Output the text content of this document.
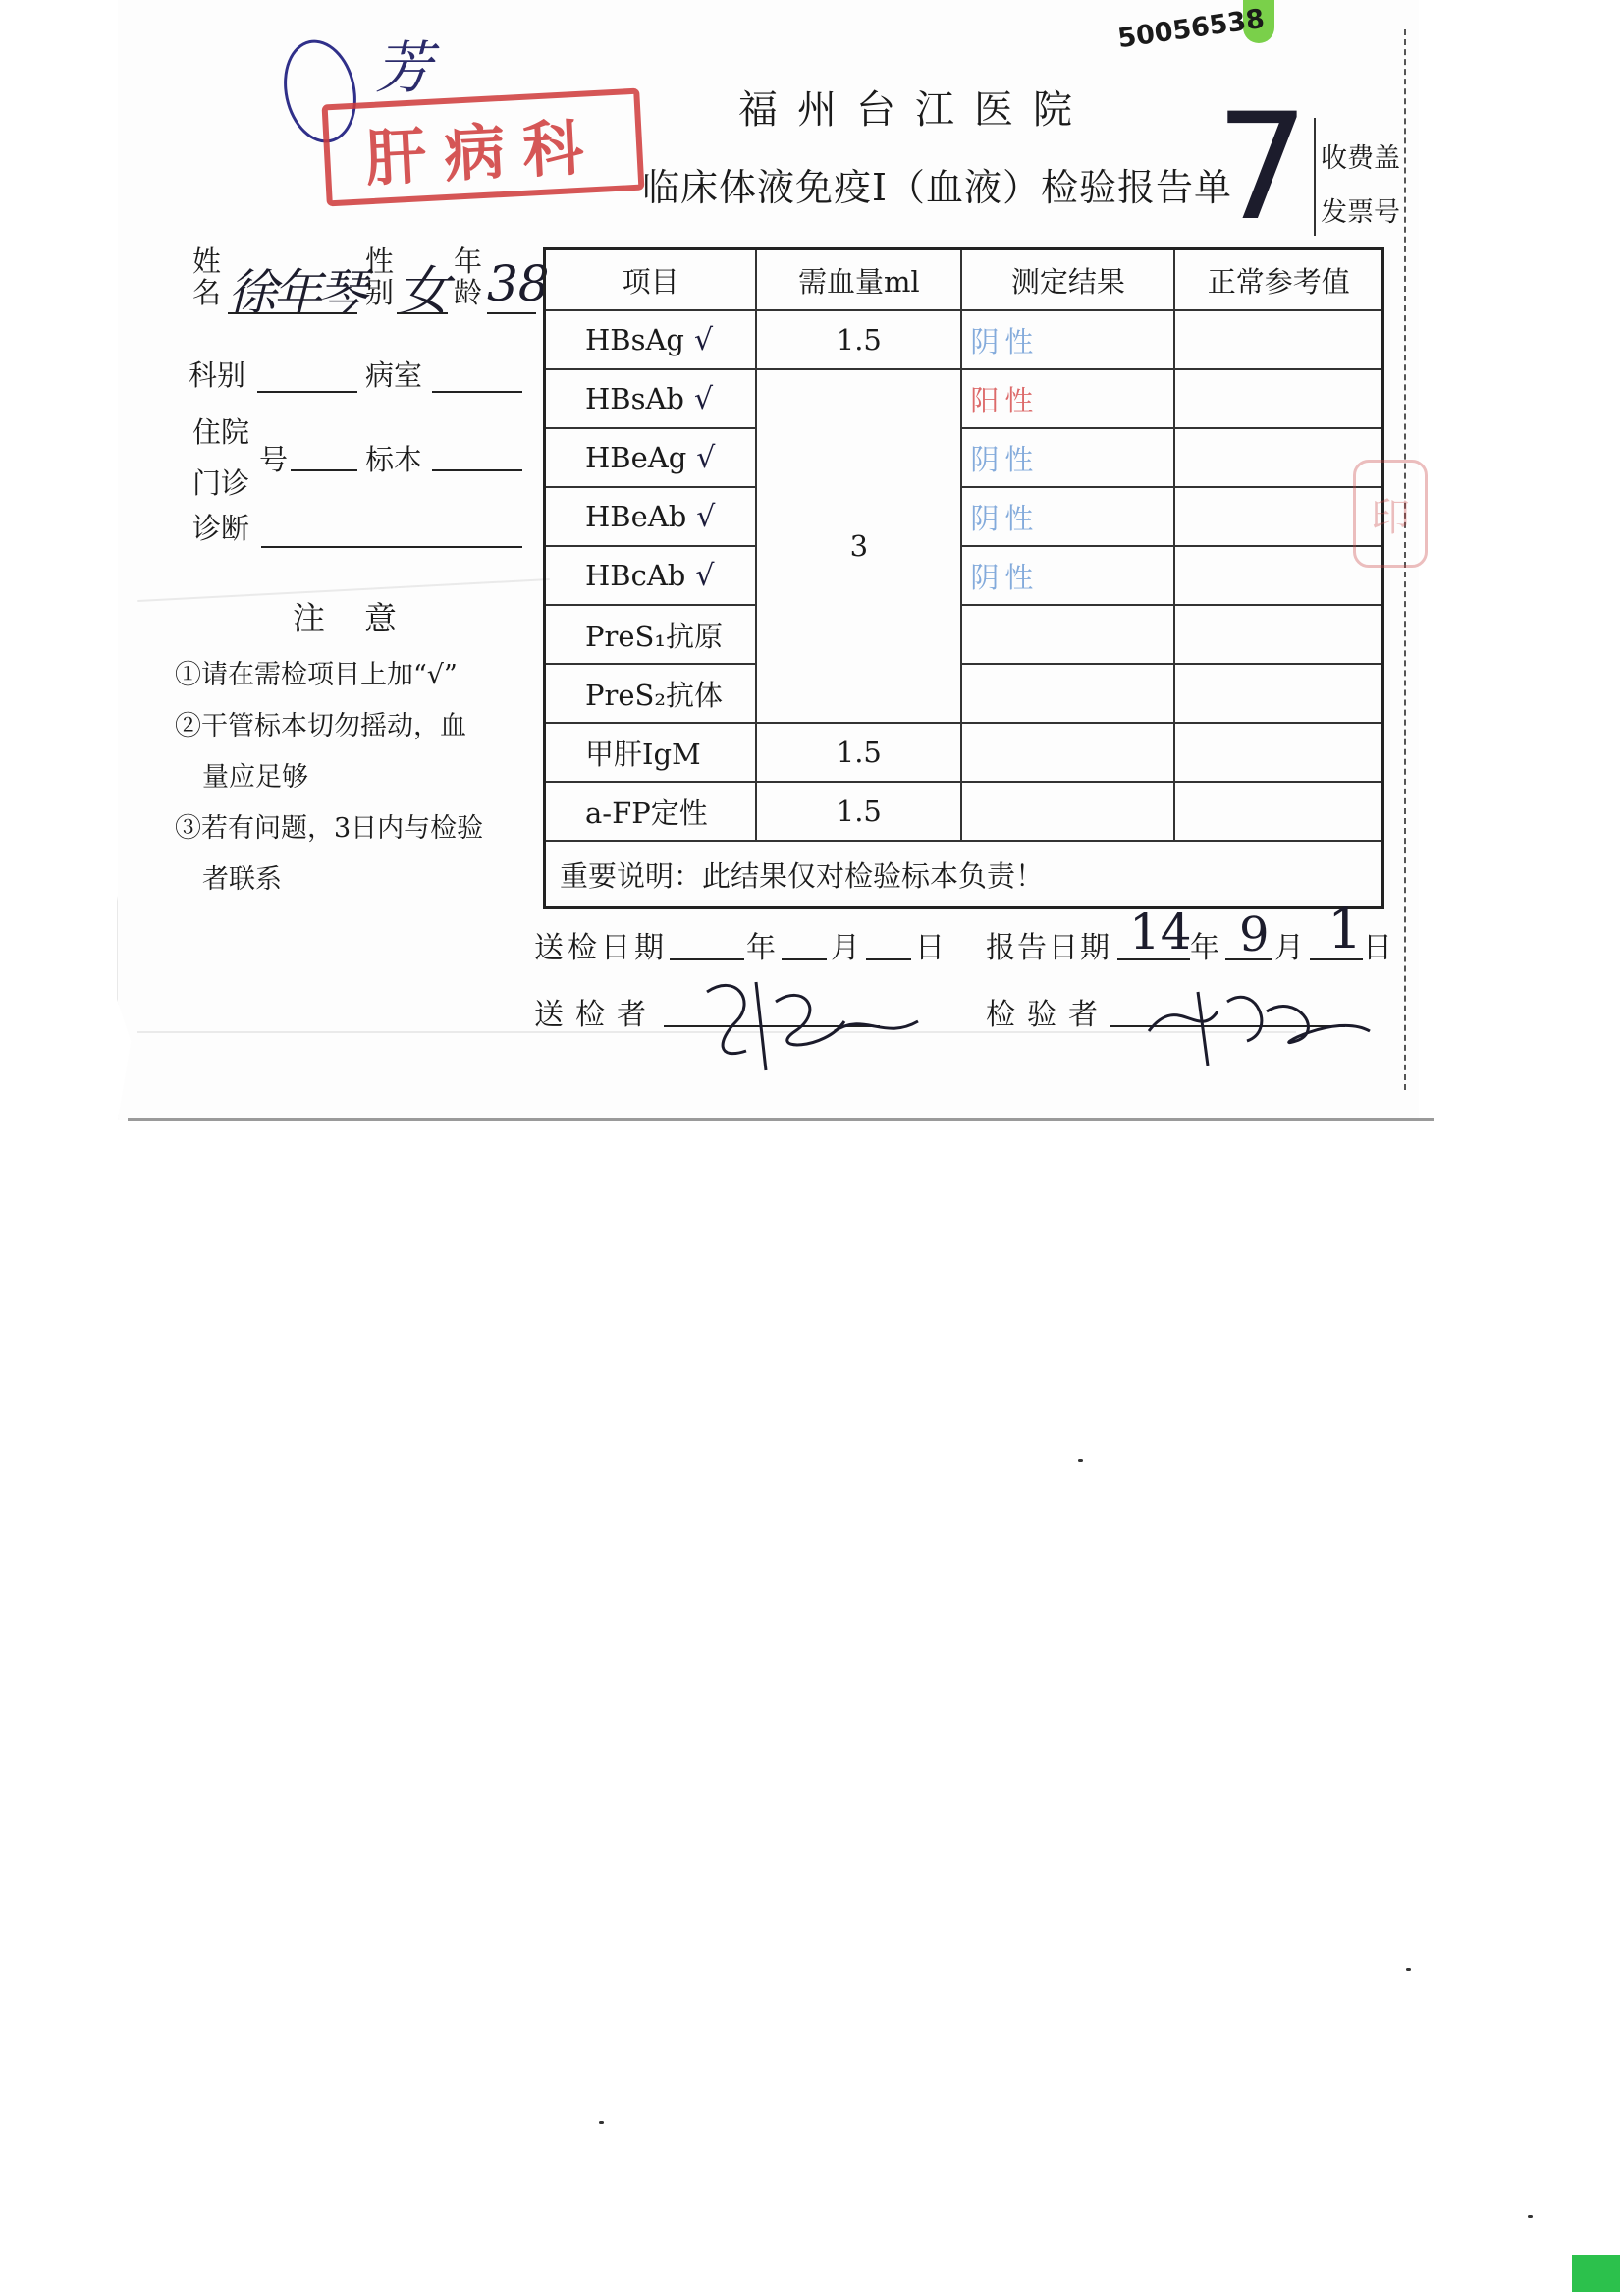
50056538
芳
肝病科
福州台江医院
临床体液免疫I（血液）检验报告单
7 收费盖
发票号
姓名 徐年琴
性别 女 年龄 38
科别	病室
住院
门诊
号	标本
诊断
注意
①请在需检项目上加“√”
②干管标本切勿摇动，血
量应足够
③若有问题，3日内与检验
者联系
项目	需血量ml	测定结果	正常参考值
HBsAg √	1.5	阴性	
HBsAb √	3	阳性	
HBeAg √		阴性	
HBeAb √		阴性	
HBcAb √		阴性	
PreS₁抗原			
PreS₂抗体			
甲肝IgM	1.5		
a-FP定性	1.5		
重要说明：此结果仅对检验标本负责！			
印
送检日期	年 月 日 报告日期 14
年 9 月 1 日
送检者	检验者
